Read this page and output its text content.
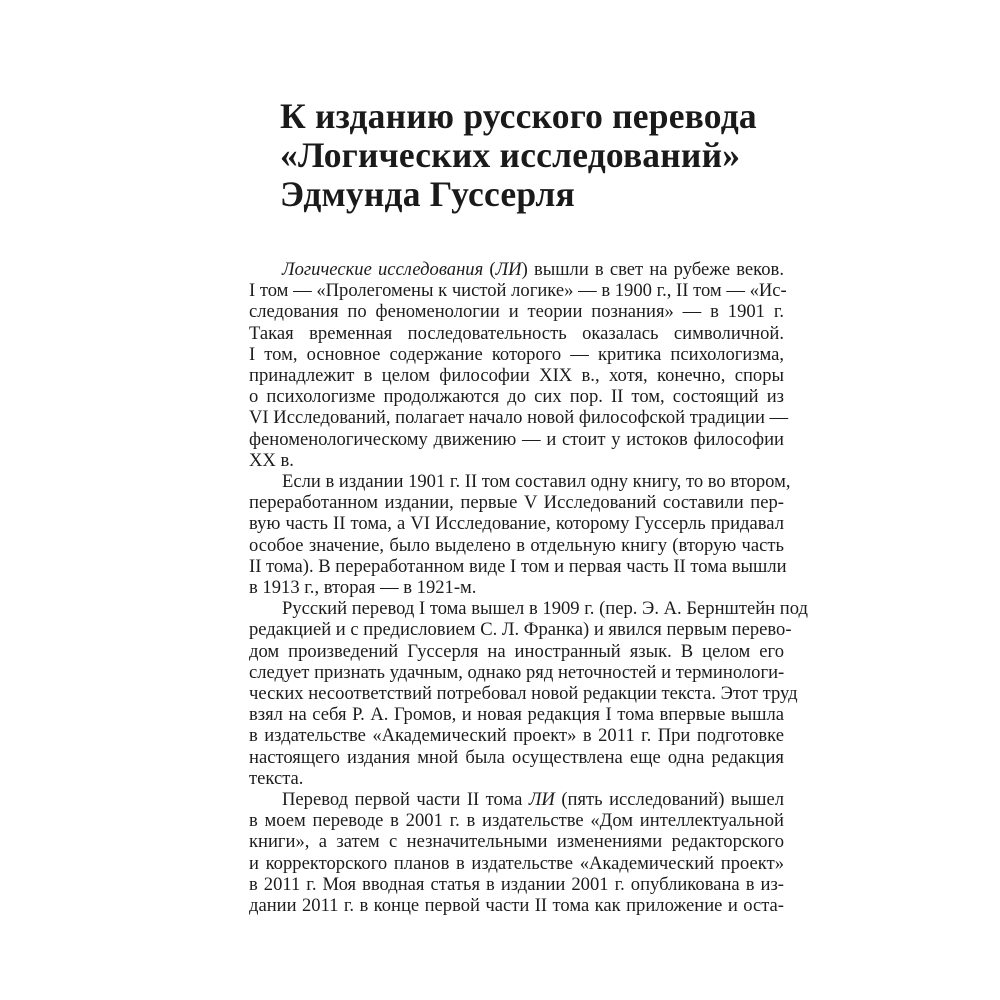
К изданию русского перевода
«Логических исследований»
Эдмунда Гуссерля

Логические исследования (ЛИ) вышли в свет на рубеже веков.
I том — «Пролегомены к чистой логике» — в 1900 г., II том — «Ис-
следования по феноменологии и теории познания» — в 1901 г.
Такая временная последовательность оказалась символичной.
I том, основное содержание которого — критика психологизма,
принадлежит в целом философии XIX в., хотя, конечно, споры
о психологизме продолжаются до сих пор. II том, состоящий из
VI Исследований, полагает начало новой философской традиции —
феноменологическому движению — и стоит у истоков философии
XX в.

Если в издании 1901 г. II том составил одну книгу, то во втором,
переработанном издании, первые V Исследований составили пер-
вую часть II тома, а VI Исследование, которому Гуссерль придавал
особое значение, было выделено в отдельную книгу (вторую часть
II тома). В переработанном виде I том и первая часть II тома вышли
в 1913 г., вторая — в 1921-м.

Русский перевод I тома вышел в 1909 г. (пер. Э. А. Бернштейн под
редакцией и с предисловием С. Л. Франка) и явился первым перево-
дом произведений Гуссерля на иностранный язык. В целом его
следует признать удачным, однако ряд неточностей и терминологи-
ческих несоответствий потребовал новой редакции текста. Этот труд
взял на себя Р. А. Громов, и новая редакция I тома впервые вышла
в издательстве «Академический проект» в 2011 г. При подготовке
настоящего издания мной была осуществлена еще одна редакция
текста.

Перевод первой части II тома ЛИ (пять исследований) вышел
в моем переводе в 2001 г. в издательстве «Дом интеллектуальной
книги», а затем с незначительными изменениями редакторского
и корректорского планов в издательстве «Академический проект»
в 2011 г. Моя вводная статья в издании 2001 г. опубликована в из-
дании 2011 г. в конце первой части II тома как приложение и оста-
